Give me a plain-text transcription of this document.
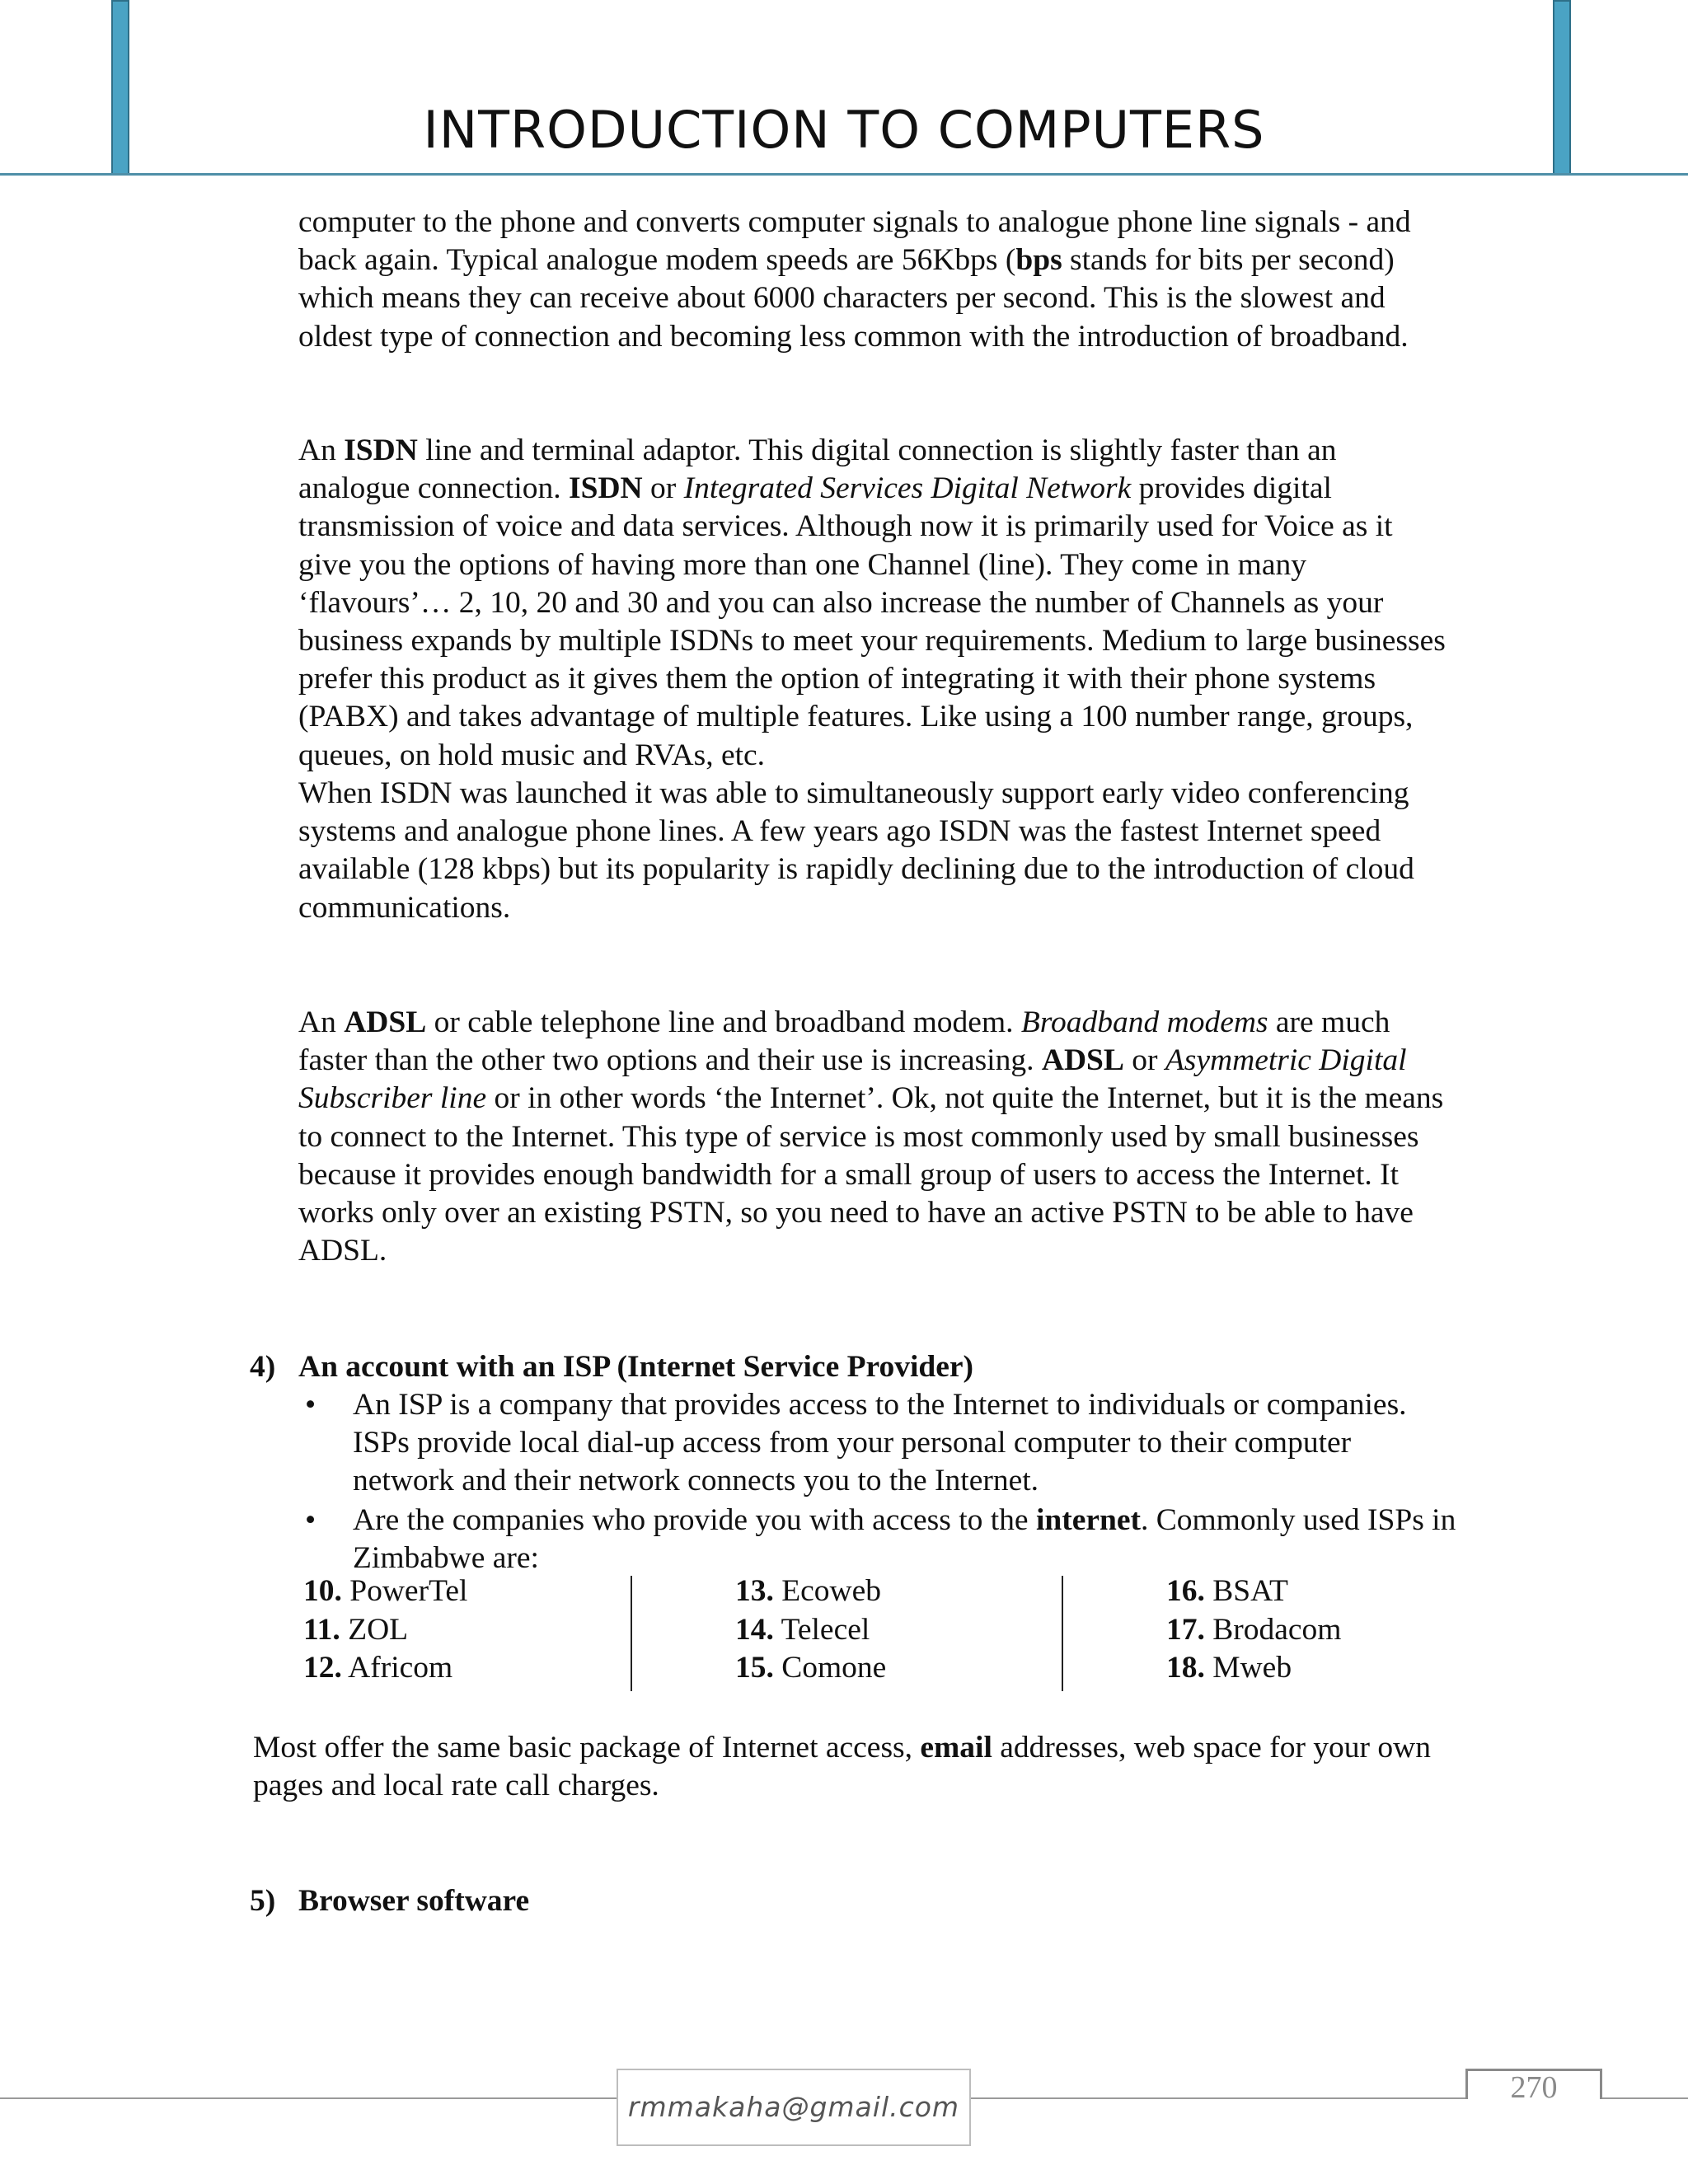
INTRODUCTION TO COMPUTERS

computer to the phone and converts computer signals to analogue phone line signals - and back again. Typical analogue modem speeds are 56Kbps (bps stands for bits per second) which means they can receive about 6000 characters per second. This is the slowest and oldest type of connection and becoming less common with the introduction of broadband.

An ISDN line and terminal adaptor. This digital connection is slightly faster than an analogue connection. ISDN or Integrated Services Digital Network provides digital transmission of voice and data services. Although now it is primarily used for Voice as it give you the options of having more than one Channel (line). They come in many ‘flavours’… 2, 10, 20 and 30 and you can also increase the number of Channels as your business expands by multiple ISDNs to meet your requirements. Medium to large businesses prefer this product as it gives them the option of integrating it with their phone systems (PABX) and takes advantage of multiple features. Like using a 100 number range, groups, queues, on hold music and RVAs, etc.

When ISDN was launched it was able to simultaneously support early video conferencing systems and analogue phone lines. A few years ago ISDN was the fastest Internet speed available (128 kbps) but its popularity is rapidly declining due to the introduction of cloud communications.

An ADSL or cable telephone line and broadband modem. Broadband modems are much faster than the other two options and their use is increasing. ADSL or Asymmetric Digital Subscriber line or in other words ‘the Internet’. Ok, not quite the Internet, but it is the means to connect to the Internet. This type of service is most commonly used by small businesses because it provides enough bandwidth for a small group of users to access the Internet. It works only over an existing PSTN, so you need to have an active PSTN to be able to have ADSL.

4) An account with an ISP (Internet Service Provider)
• An ISP is a company that provides access to the Internet to individuals or companies. ISPs provide local dial-up access from your personal computer to their computer network and their network connects you to the Internet.
• Are the companies who provide you with access to the internet. Commonly used ISPs in Zimbabwe are:
10. PowerTel
11. ZOL
12. Africom
13. Ecoweb
14. Telecel
15. Comone
16. BSAT
17. Brodacom
18. Mweb

Most offer the same basic package of Internet access, email addresses, web space for your own pages and local rate call charges.

5) Browser software
rmmakaha@gmail.com
270
